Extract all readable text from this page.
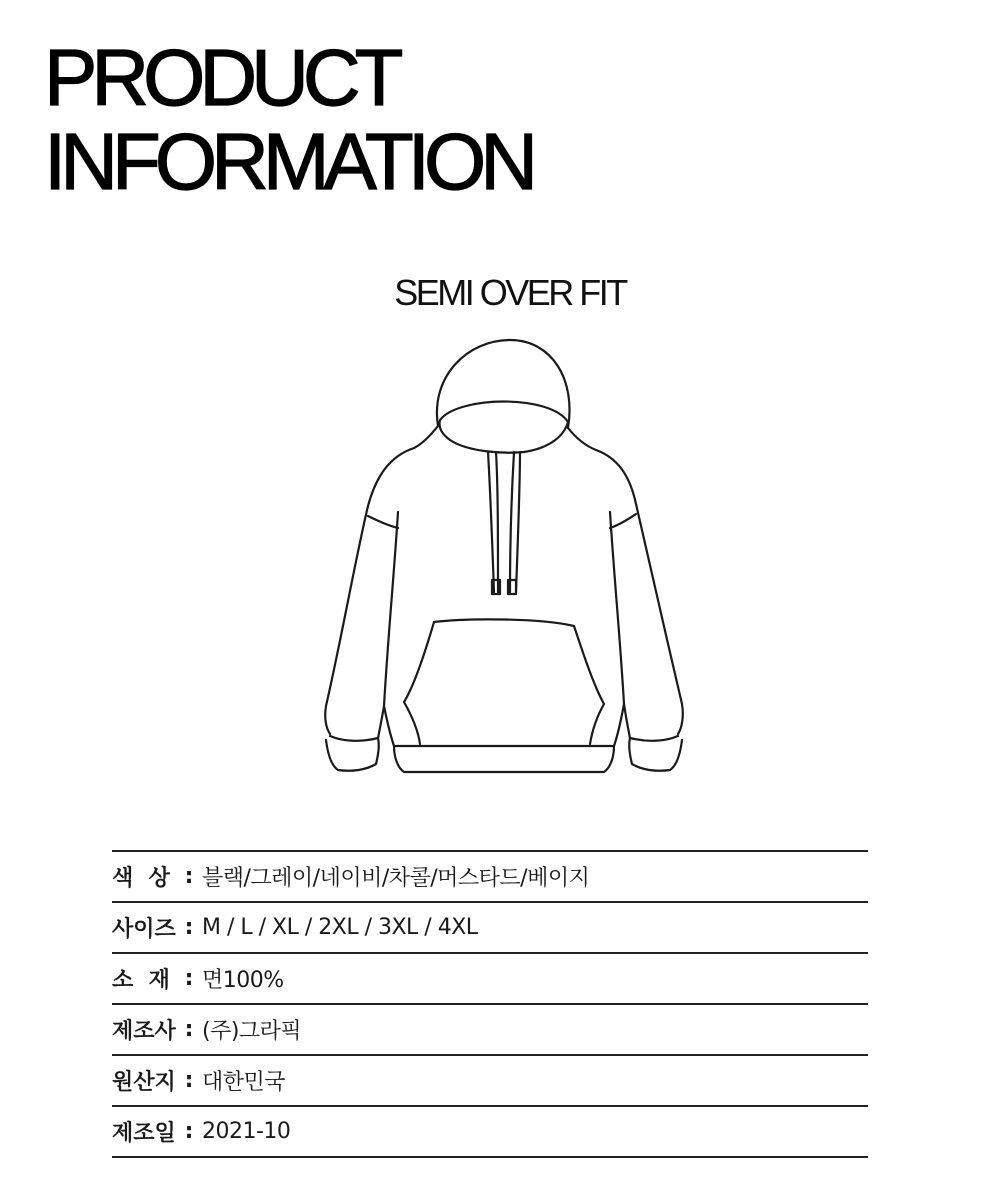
PRODUCT
INFORMATION
SEMI OVER FIT
색  상 : 블랙/그레이/네이비/차콜/머스타드/베이지
사이즈 : M / L / XL / 2XL / 3XL / 4XL
소  재 : 면100%
제조사 : (주)그라픽
원산지 : 대한민국
제조일 : 2021-10
